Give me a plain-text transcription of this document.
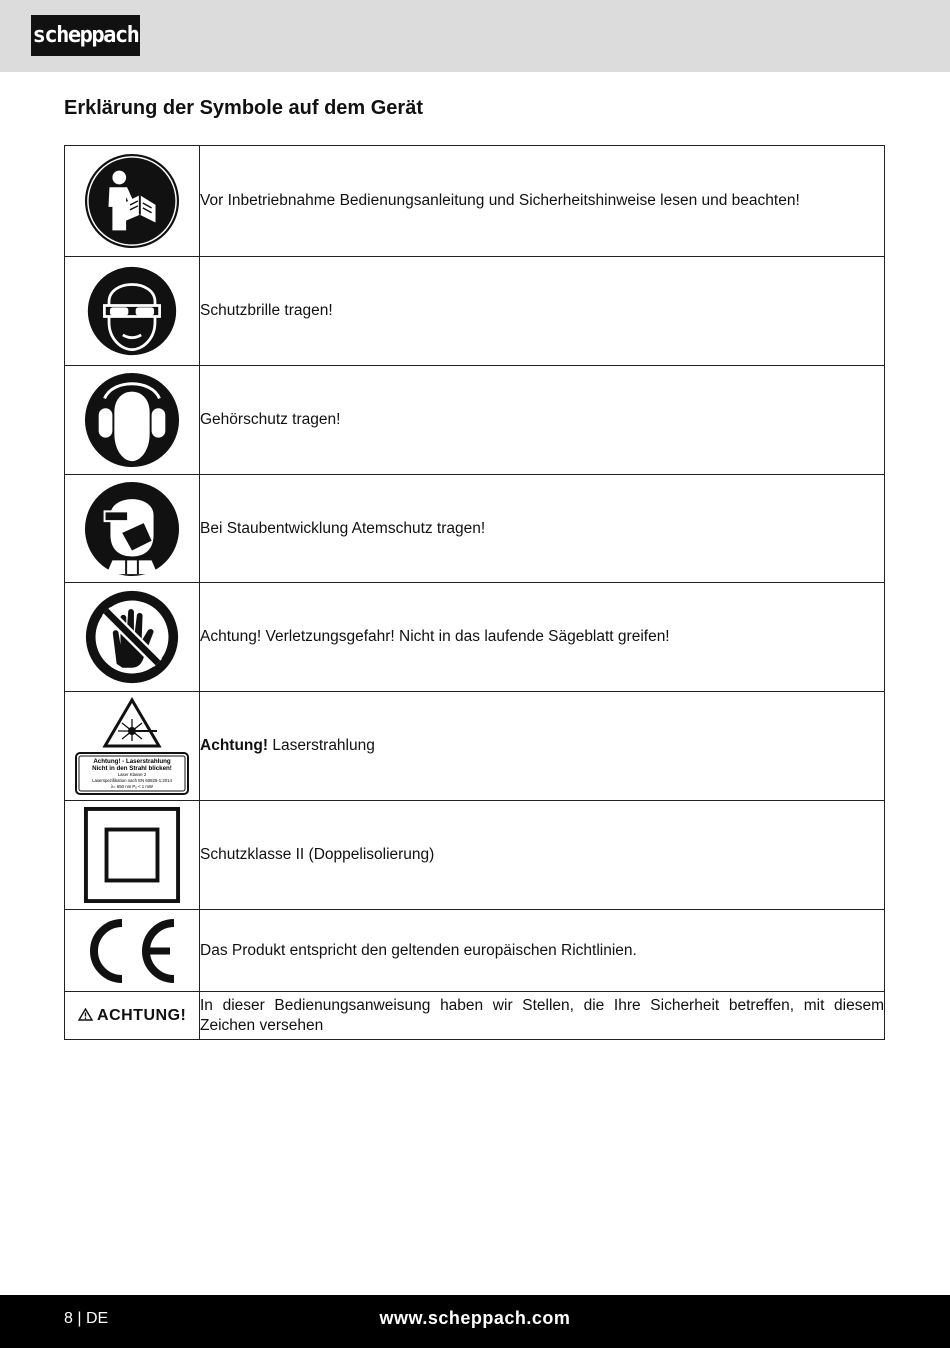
scheppach
Erklärung der Symbole auf dem Gerät
	Vor Inbetriebnahme Bedienungsanleitung und Sicherheitshinweise lesen und beachten!

	Schutzbrille tragen!

	Gehörschutz tragen!

	Bei Staubentwicklung Atemschutz tragen!

	Achtung! Verletzungsgefahr! Nicht in das laufende Sägeblatt greifen!

Achtung! - Laserstrahlung
Nicht in den Strahl blicken!
Laser Klasse 2
Laserspezifikation nach EN 60825-1:2014
λ= 650 nm Pₒ < 1 mW	Achtung! Laserstrahlung

	Schutzklasse II (Doppelisolierung)

	Das Produkt entspricht den geltenden europäischen Richtlinien.
ACHTUNG!	In dieser Bedienungsanweisung haben wir Stellen, die Ihre Sicherheit betreffen, mit diesem Zeichen versehen
8 | DE	www.scheppach.com
